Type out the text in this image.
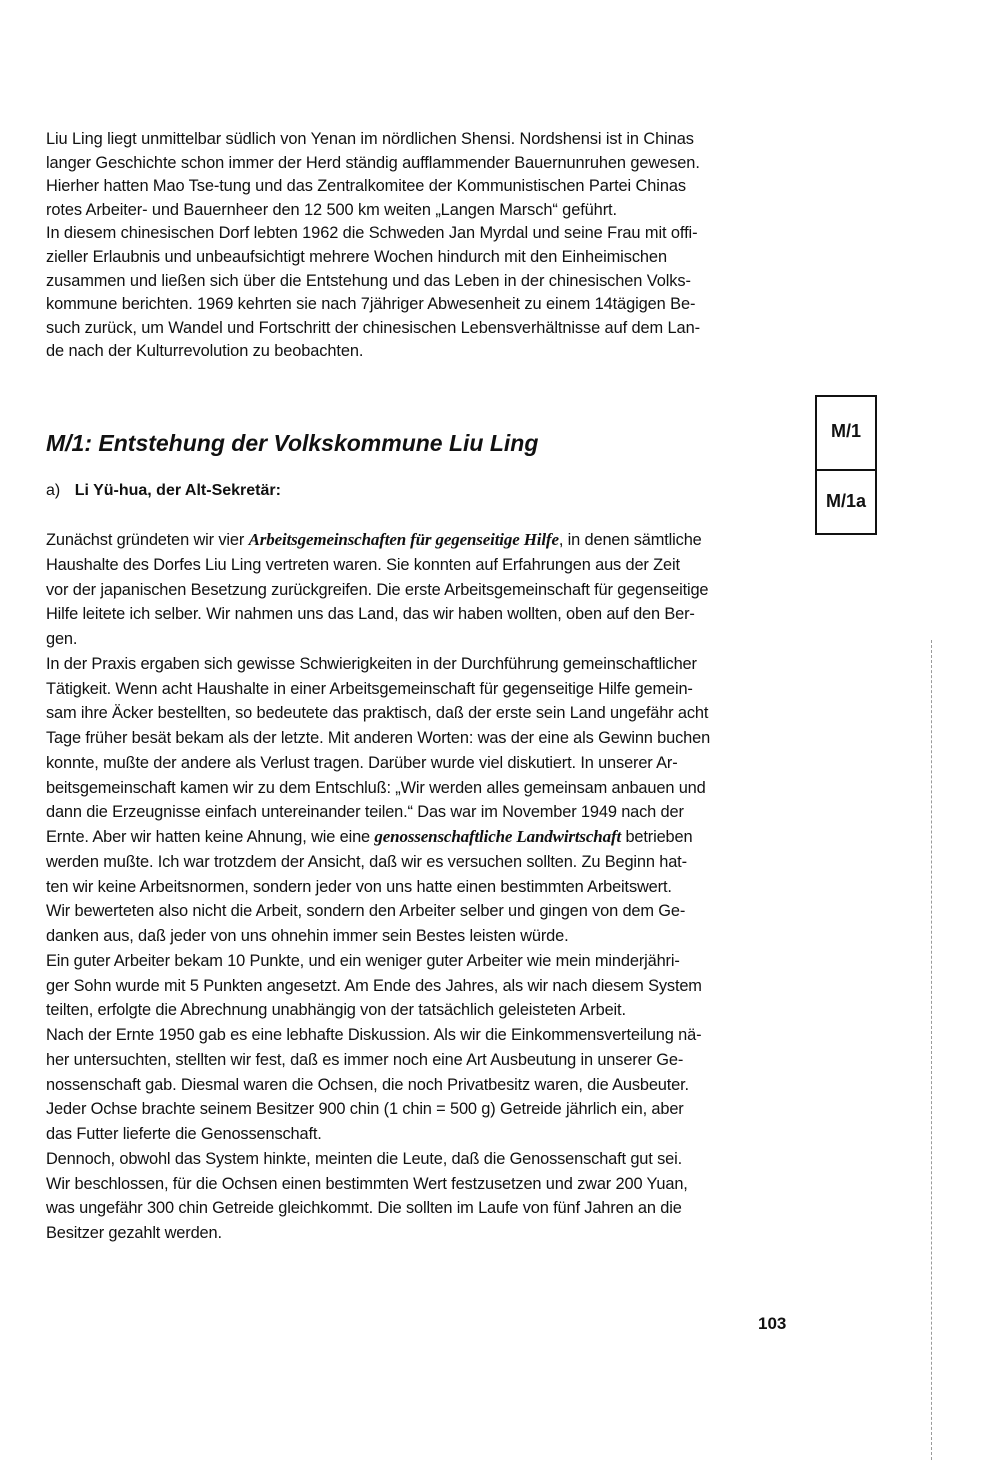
Liu Ling liegt unmittelbar südlich von Yenan im nördlichen Shensi. Nordshensi ist in Chinas

langer Geschichte schon immer der Herd ständig aufflammender Bauernunruhen gewesen.

Hierher hatten Mao Tse-tung und das Zentralkomitee der Kommunistischen Partei Chinas

rotes Arbeiter- und Bauernheer den 12 500 km weiten „Langen Marsch“ geführt.

In diesem chinesischen Dorf lebten 1962 die Schweden Jan Myrdal und seine Frau mit offi-

zieller Erlaubnis und unbeaufsichtigt mehrere Wochen hindurch mit den Einheimischen

zusammen und ließen sich über die Entstehung und das Leben in der chinesischen Volks-

kommune berichten. 1969 kehrten sie nach 7jähriger Abwesenheit zu einem 14tägigen Be-

such zurück, um Wandel und Fortschritt der chinesischen Lebensverhältnisse auf dem Lan-

de nach der Kulturrevolution zu beobachten.

M/1: Entstehung der Volkskommune Liu Ling
a) Li Yü-hua, der Alt-Sekretär:
M/1
M/1a

Zunächst gründeten wir vier Arbeitsgemeinschaften für gegenseitige Hilfe, in denen sämtliche

Haushalte des Dorfes Liu Ling vertreten waren. Sie konnten auf Erfahrungen aus der Zeit

vor der japanischen Besetzung zurückgreifen. Die erste Arbeitsgemeinschaft für gegenseitige

Hilfe leitete ich selber. Wir nahmen uns das Land, das wir haben wollten, oben auf den Ber-

gen.

In der Praxis ergaben sich gewisse Schwierigkeiten in der Durchführung gemeinschaftlicher

Tätigkeit. Wenn acht Haushalte in einer Arbeitsgemeinschaft für gegenseitige Hilfe gemein-

sam ihre Äcker bestellten, so bedeutete das praktisch, daß der erste sein Land ungefähr acht

Tage früher besät bekam als der letzte. Mit anderen Worten: was der eine als Gewinn buchen

konnte, mußte der andere als Verlust tragen. Darüber wurde viel diskutiert. In unserer Ar-

beitsgemeinschaft kamen wir zu dem Entschluß: „Wir werden alles gemeinsam anbauen und

dann die Erzeugnisse einfach untereinander teilen.“ Das war im November 1949 nach der

Ernte. Aber wir hatten keine Ahnung, wie eine genossenschaftliche Landwirtschaft betrieben

werden mußte. Ich war trotzdem der Ansicht, daß wir es versuchen sollten. Zu Beginn hat-

ten wir keine Arbeitsnormen, sondern jeder von uns hatte einen bestimmten Arbeitswert.

Wir bewerteten also nicht die Arbeit, sondern den Arbeiter selber und gingen von dem Ge-

danken aus, daß jeder von uns ohnehin immer sein Bestes leisten würde.

Ein guter Arbeiter bekam 10 Punkte, und ein weniger guter Arbeiter wie mein minderjähri-

ger Sohn wurde mit 5 Punkten angesetzt. Am Ende des Jahres, als wir nach diesem System

teilten, erfolgte die Abrechnung unabhängig von der tatsächlich geleisteten Arbeit.

Nach der Ernte 1950 gab es eine lebhafte Diskussion. Als wir die Einkommensverteilung nä-

her untersuchten, stellten wir fest, daß es immer noch eine Art Ausbeutung in unserer Ge-

nossenschaft gab. Diesmal waren die Ochsen, die noch Privatbesitz waren, die Ausbeuter.

Jeder Ochse brachte seinem Besitzer 900 chin (1 chin = 500 g) Getreide jährlich ein, aber

das Futter lieferte die Genossenschaft.

Dennoch, obwohl das System hinkte, meinten die Leute, daß die Genossenschaft gut sei.

Wir beschlossen, für die Ochsen einen bestimmten Wert festzusetzen und zwar 200 Yuan,

was ungefähr 300 chin Getreide gleichkommt. Die sollten im Laufe von fünf Jahren an die

Besitzer gezahlt werden.

103
